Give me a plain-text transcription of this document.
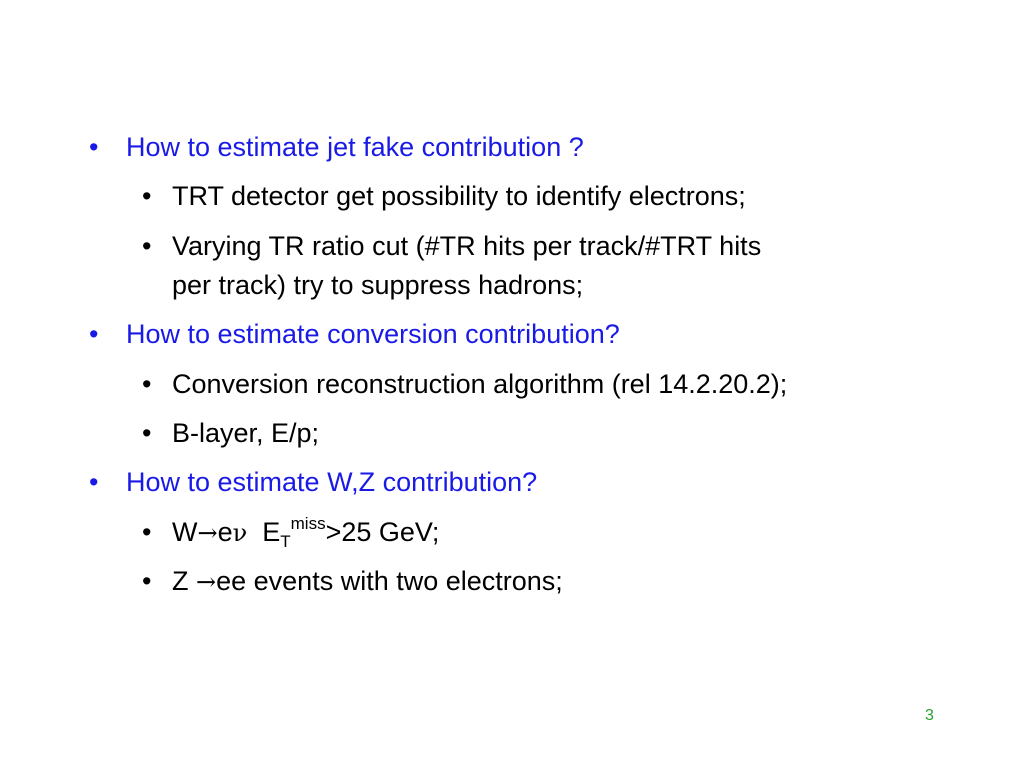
• How to estimate jet fake contribution ?
• TRT detector get possibility to identify electrons;
• Varying TR ratio cut (#TR hits per track/#TRT hits
per track) try to suppress hadrons;
• How to estimate conversion contribution?
• Conversion reconstruction algorithm (rel 14.2.20.2);
• B-layer, E/p;
• How to estimate W,Z contribution?
• W→eν $E_T^{miss}>25$ GeV;
• Z →ee events with two electrons;
3
